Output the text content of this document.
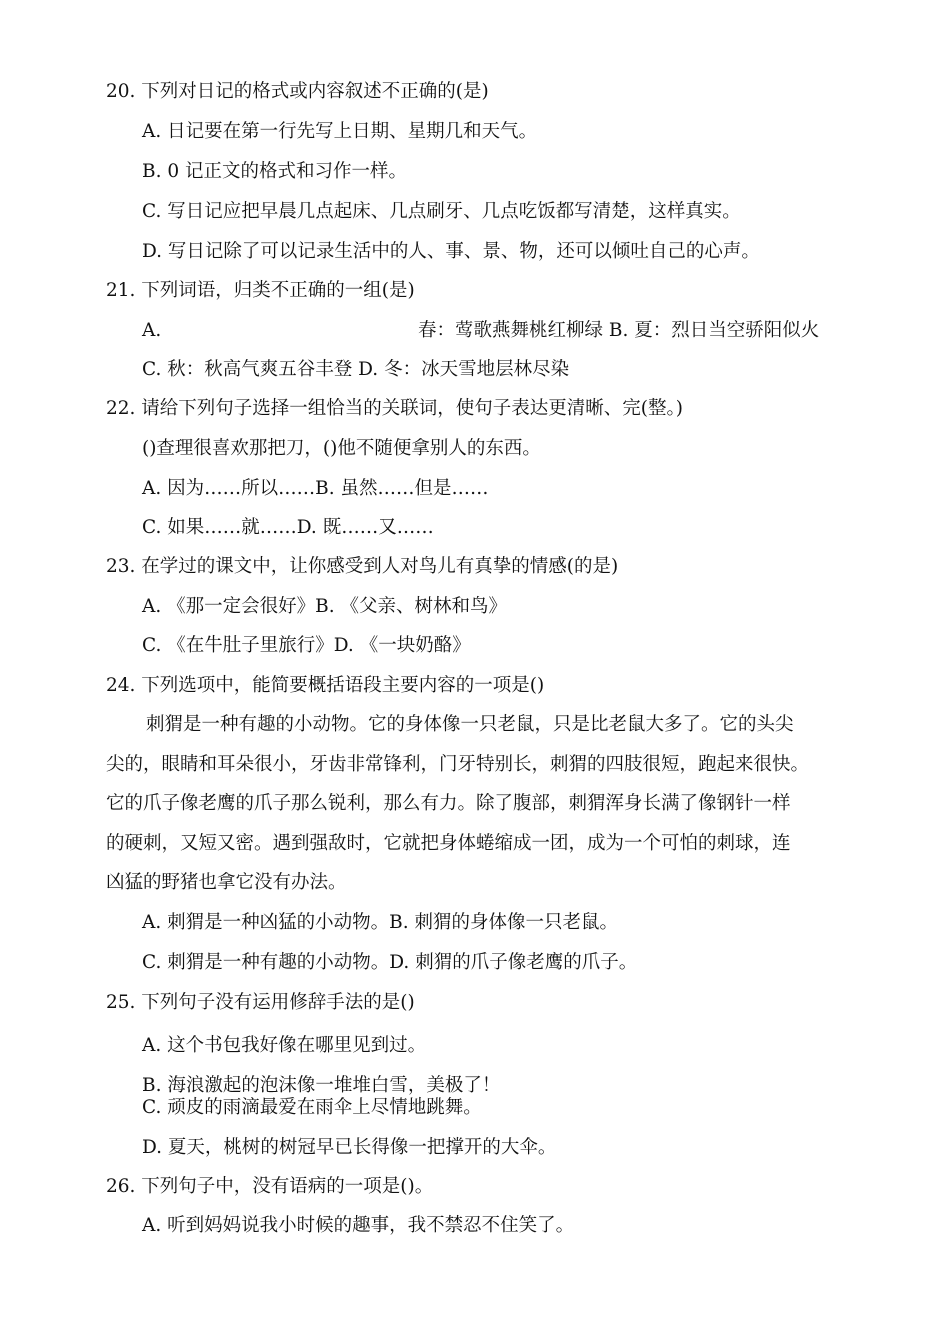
20. 下列对日记的格式或内容叙述不正确的(是)
A. 日记要在第一行先写上日期、星期几和天气。
B. 0 记正文的格式和习作一样。
C. 写日记应把早晨几点起床、几点刷牙、几点吃饭都写清楚，这样真实。
D. 写日记除了可以记录生活中的人、事、景、物，还可以倾吐自己的心声。
21. 下列词语，归类不正确的一组(是)
A.	春：莺歌燕舞桃红柳绿 B. 夏：烈日当空骄阳似火
C. 秋：秋高气爽五谷丰登 D. 冬：冰天雪地层林尽染
22. 请给下列句子选择一组恰当的关联词，使句子表达更清晰、完(整。)
()查理很喜欢那把刀，()他不随便拿别人的东西。
A. 因为……所以……B. 虽然……但是……
C. 如果……就……D. 既……又……
23. 在学过的课文中，让你感受到人对鸟儿有真挚的情感(的是)
A. 《那一定会很好》B. 《父亲、树林和鸟》
C. 《在牛肚子里旅行》D. 《一块奶酪》
24. 下列选项中，能简要概括语段主要内容的一项是()
刺猬是一种有趣的小动物。它的身体像一只老鼠，只是比老鼠大多了。它的头尖
尖的，眼睛和耳朵很小，牙齿非常锋利，门牙特别长，刺猬的四肢很短，跑起来很快。
它的爪子像老鹰的爪子那么锐利，那么有力。除了腹部，刺猬浑身长满了像钢针一样
的硬刺，又短又密。遇到强敌时，它就把身体蜷缩成一团，成为一个可怕的刺球，连
凶猛的野猪也拿它没有办法。
A. 刺猬是一种凶猛的小动物。B. 刺猬的身体像一只老鼠。
C. 刺猬是一种有趣的小动物。D. 刺猬的爪子像老鹰的爪子。
25. 下列句子没有运用修辞手法的是()
A. 这个书包我好像在哪里见到过。
B. 海浪激起的泡沫像一堆堆白雪，美极了！
C. 顽皮的雨滴最爱在雨伞上尽情地跳舞。
D. 夏天，桃树的树冠早已长得像一把撑开的大伞。
26. 下列句子中，没有语病的一项是()。
A. 听到妈妈说我小时候的趣事，我不禁忍不住笑了。
